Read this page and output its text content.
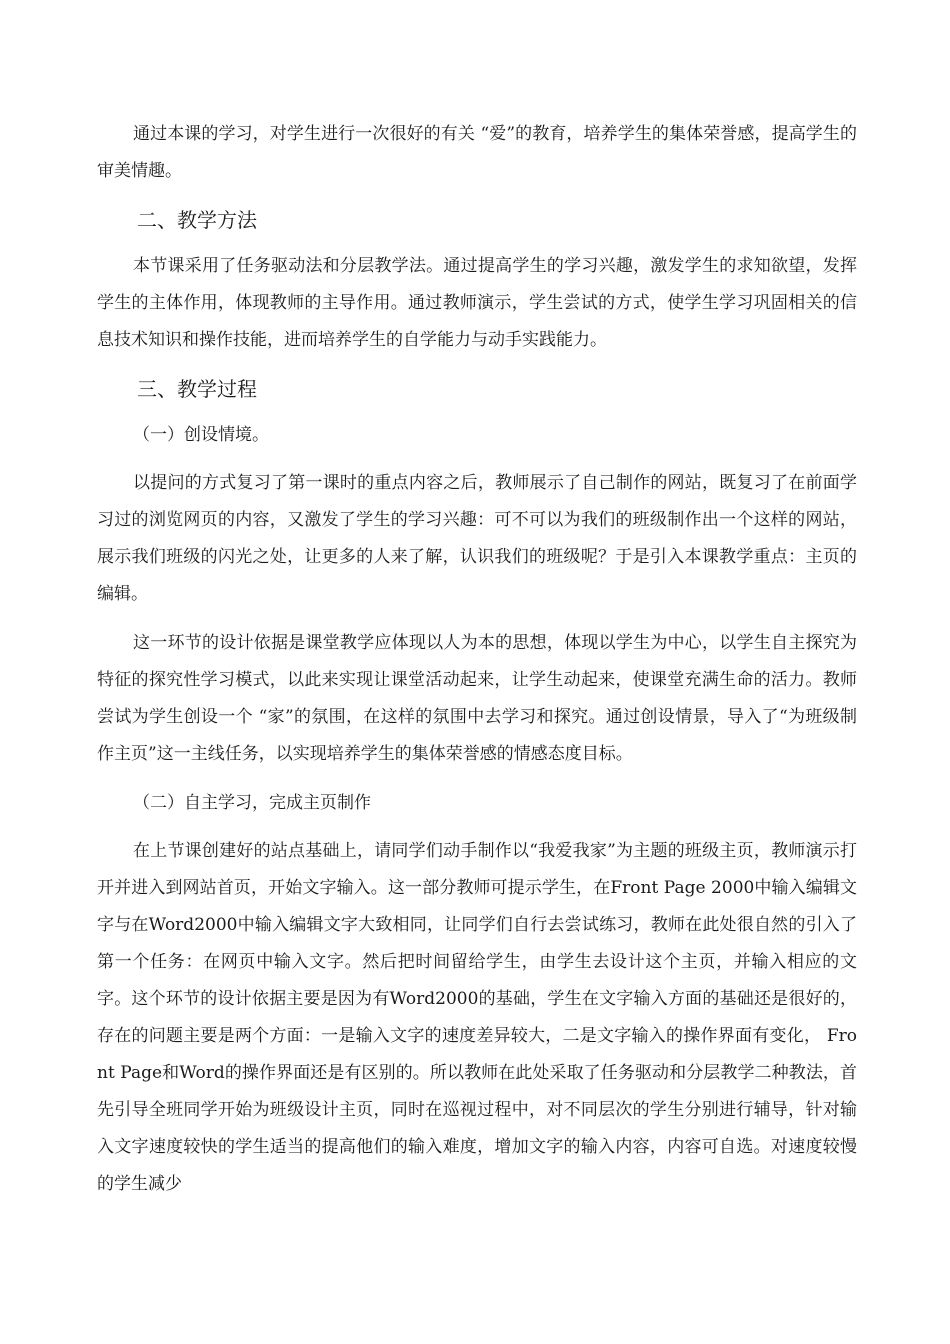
通过本课的学习，对学生进行一次很好的有关 “爱”的教育，培养学生的集体荣誉感，提高学生的审美情趣。

二、教学方法

本节课采用了任务驱动法和分层教学法。通过提高学生的学习兴趣，激发学生的求知欲望，发挥学生的主体作用，体现教师的主导作用。通过教师演示，学生尝试的方式，使学生学习巩固相关的信息技术知识和操作技能，进而培养学生的自学能力与动手实践能力。

三、教学过程
（一）创设情境。

以提问的方式复习了第一课时的重点内容之后，教师展示了自己制作的网站，既复习了在前面学习过的浏览网页的内容，又激发了学生的学习兴趣：可不可以为我们的班级制作出一个这样的网站，展示我们班级的闪光之处，让更多的人来了解，认识我们的班级呢？于是引入本课教学重点：主页的编辑。

这一环节的设计依据是课堂教学应体现以人为本的思想，体现以学生为中心，以学生自主探究为特征的探究性学习模式，以此来实现让课堂活动起来，让学生动起来，使课堂充满生命的活力。教师尝试为学生创设一个 “家”的氛围，在这样的氛围中去学习和探究。通过创设情景，导入了“为班级制作主页”这一主线任务，以实现培养学生的集体荣誉感的情感态度目标。

（二）自主学习，完成主页制作

在上节课创建好的站点基础上，请同学们动手制作以“我爱我家”为主题的班级主页，教师演示打开并进入到网站首页，开始文字输入。这一部分教师可提示学生，在Front Page 2000中输入编辑文字与在Word2000中输入编辑文字大致相同，让同学们自行去尝试练习，教师在此处很自然的引入了第一个任务：在网页中输入文字。然后把时间留给学生，由学生去设计这个主页，并输入相应的文字。这个环节的设计依据主要是因为有Word2000的基础，学生在文字输入方面的基础还是很好的，存在的问题主要是两个方面：一是输入文字的速度差异较大，二是文字输入的操作界面有变化， Front Page和Word的操作界面还是有区别的。所以教师在此处采取了任务驱动和分层教学二种教法，首先引导全班同学开始为班级设计主页，同时在巡视过程中，对不同层次的学生分别进行辅导，针对输入文字速度较快的学生适当的提高他们的输入难度，增加文字的输入内容，内容可自选。对速度较慢的学生减少
